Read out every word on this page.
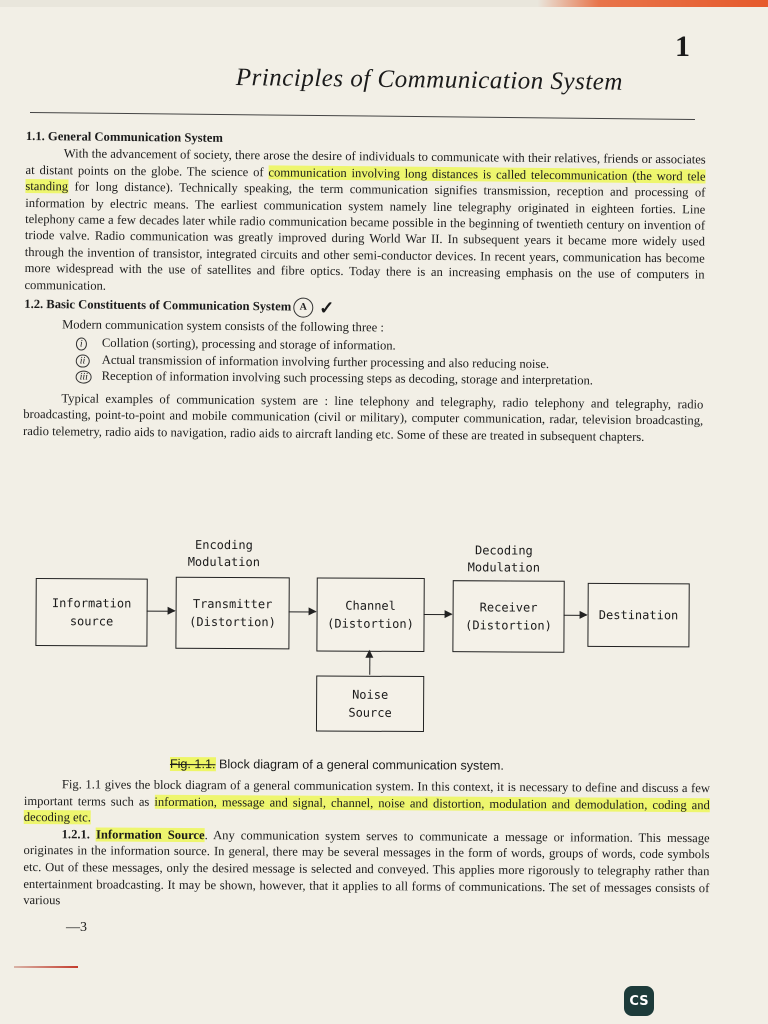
1
Principles of Communication System

1.1. General Communication System

With the advancement of society, there arose the desire of individuals to communicate with their relatives, friends or associates at distant points on the globe. The science of communication involving long distances is called telecommunication (the word tele standing for long distance). Technically speaking, the term communication signifies transmission, reception and processing of information by electric means. The earliest communication system namely line telegraphy originated in eighteen forties. Line telephony came a few decades later while radio communication became possible in the beginning of twentieth century on invention of triode valve. Radio communication was greatly improved during World War II. In subsequent years it became more widely used through the invention of transistor, integrated circuits and other semi-conductor devices. In recent years, communication has become more widespread with the use of satellites and fibre optics. Today there is an increasing emphasis on the use of computers in communication.

1.2. Basic Constituents of Communication System A ✓

Modern communication system consists of the following three :

i	Collation (sorting), processing and storage of information.
ii	Actual transmission of information involving further processing and also reducing noise.
iii	Reception of information involving such processing steps as decoding, storage and interpretation.

Typical examples of communication system are : line telephony and telegraphy, radio telephony and telegraphy, radio broadcasting, point-to-point and mobile communication (civil or military), computer communication, radar, television broadcasting, radio telemetry, radio aids to navigation, radio aids to aircraft landing etc. Some of these are treated in subsequent chapters.

Encoding
Modulation
Decoding
Modulation
Information
source
Transmitter
(Distortion)
Channel
(Distortion)
Receiver
(Distortion)
Destination
Noise
Source
Fig. 1.1. Block diagram of a general communication system.

Fig. 1.1 gives the block diagram of a general communication system. In this context, it is necessary to define and discuss a few important terms such as information, message and signal, channel, noise and distortion, modulation and demodulation, coding and decoding etc.

1.2.1. Information Source. Any communication system serves to communicate a message or information. This message originates in the information source. In general, there may be several messages in the form of words, groups of words, code symbols etc. Out of these messages, only the desired message is selected and conveyed. This applies more rigorously to telegraphy rather than entertainment broadcasting. It may be shown, however, that it applies to all forms of communications. The set of messages consists of various

—3
CS
